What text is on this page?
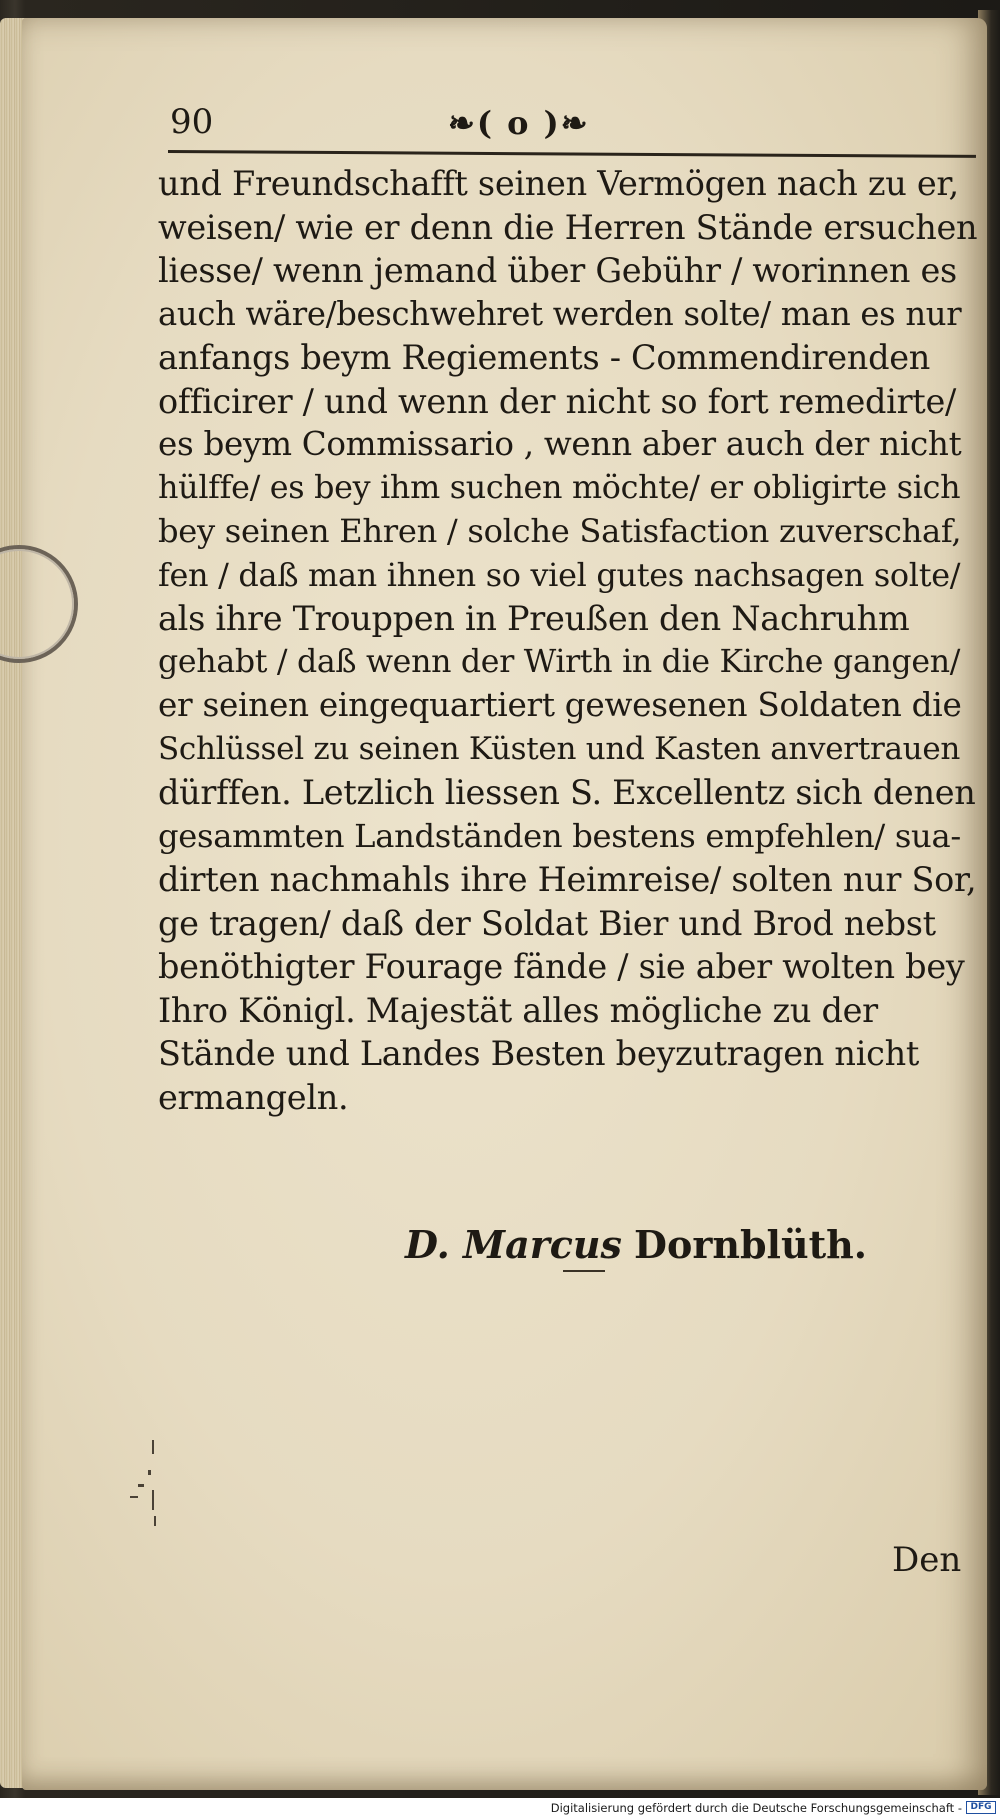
90	❧( o )❧
und Freundschafft seinen Vermögen nach zu er,
weisen/ wie er denn die Herren Stände ersuchen
liesse/ wenn jemand über Gebühr / worinnen es
auch wäre/beschwehret werden solte/ man es nur
anfangs beym Regiements - Commendirenden
officirer / und wenn der nicht so fort remedirte/
es beym Commissario , wenn aber auch der nicht
hülffe/ es bey ihm suchen möchte/ er obligirte sich
bey seinen Ehren / solche Satisfaction zuverschaf,
fen / daß man ihnen so viel gutes nachsagen solte/
als ihre Trouppen in Preußen den Nachruhm
gehabt / daß wenn der Wirth in die Kirche gangen/
er seinen eingequartiert gewesenen Soldaten die
Schlüssel zu seinen Küsten und Kasten anvertrauen
dürffen. Letzlich liessen S. Excellentz sich denen
gesammten Landständen bestens empfehlen/ sua-
dirten nachmahls ihre Heimreise/ solten nur Sor,
ge tragen/ daß der Soldat Bier und Brod nebst
benöthigter Fourage fände / sie aber wolten bey
Ihro Königl. Majestät alles mögliche zu der
Stände und Landes Besten beyzutragen nicht
ermangeln.
D. Marcus Dornblüth.
Den
Digitalisierung gefördert durch die Deutsche Forschungsgemeinschaft - DFG
